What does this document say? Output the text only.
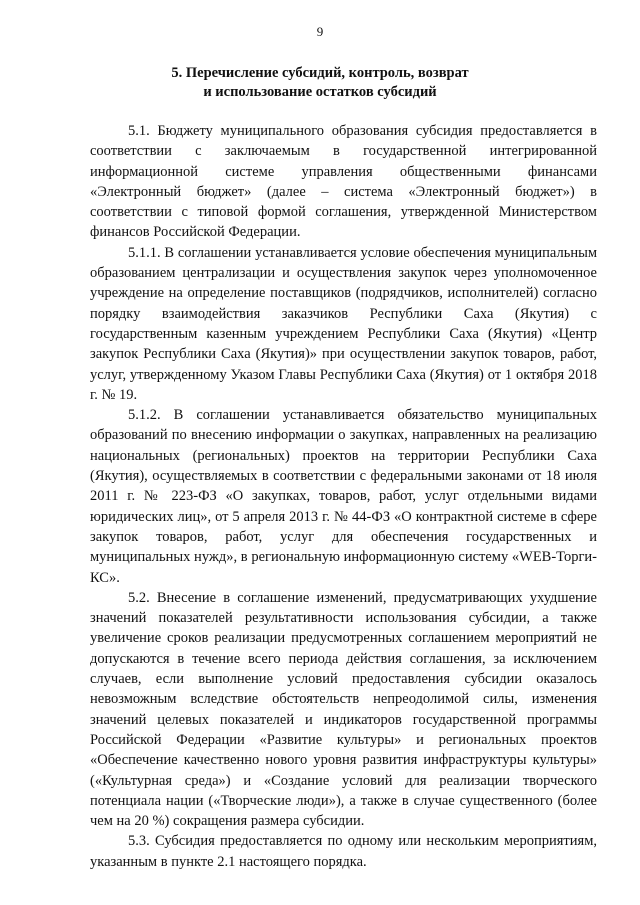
9
5. Перечисление субсидий, контроль, возврат
и использование остатков субсидий

5.1. Бюджету муниципального образования субсидия предоставляется в соответствии с заключаемым в государственной интегрированной информационной системе управления общественными финансами «Электронный бюджет» (далее – система «Электронный бюджет») в соответствии с типовой формой соглашения, утвержденной Министерством финансов Российской Федерации.

5.1.1. В соглашении устанавливается условие обеспечения муниципальным образованием централизации и осуществления закупок через уполномоченное учреждение на определение поставщиков (подрядчиков, исполнителей) согласно порядку взаимодействия заказчиков Республики Саха (Якутия) с государственным казенным учреждением Республики Саха (Якутия) «Центр закупок Республики Саха (Якутия)» при осуществлении закупок товаров, работ, услуг, утвержденному Указом Главы Республики Саха (Якутия) от 1 октября 2018 г. № 19.

5.1.2. В соглашении устанавливается обязательство муниципальных образований по внесению информации о закупках, направленных на реализацию национальных (региональных) проектов на территории Республики Саха (Якутия), осуществляемых в соответствии с федеральными законами от 18 июля 2011 г. № 223-ФЗ «О закупках, товаров, работ, услуг отдельными видами юридических лиц», от 5 апреля 2013 г. № 44-ФЗ «О контрактной системе в сфере закупок товаров, работ, услуг для обеспечения государственных и муниципальных нужд», в региональную информационную систему «WEB-Торги-КС».

5.2. Внесение в соглашение изменений, предусматривающих ухудшение значений показателей результативности использования субсидии, а также увеличение сроков реализации предусмотренных соглашением мероприятий не допускаются в течение всего периода действия соглашения, за исключением случаев, если выполнение условий предоставления субсидии оказалось невозможным вследствие обстоятельств непреодолимой силы, изменения значений целевых показателей и индикаторов государственной программы Российской Федерации «Развитие культуры» и региональных проектов «Обеспечение качественно нового уровня развития инфраструктуры культуры» («Культурная среда») и «Создание условий для реализации творческого потенциала нации («Творческие люди»), а также в случае существенного (более чем на 20 %) сокращения размера субсидии.

5.3. Субсидия предоставляется по одному или нескольким мероприятиям, указанным в пункте 2.1 настоящего порядка.
